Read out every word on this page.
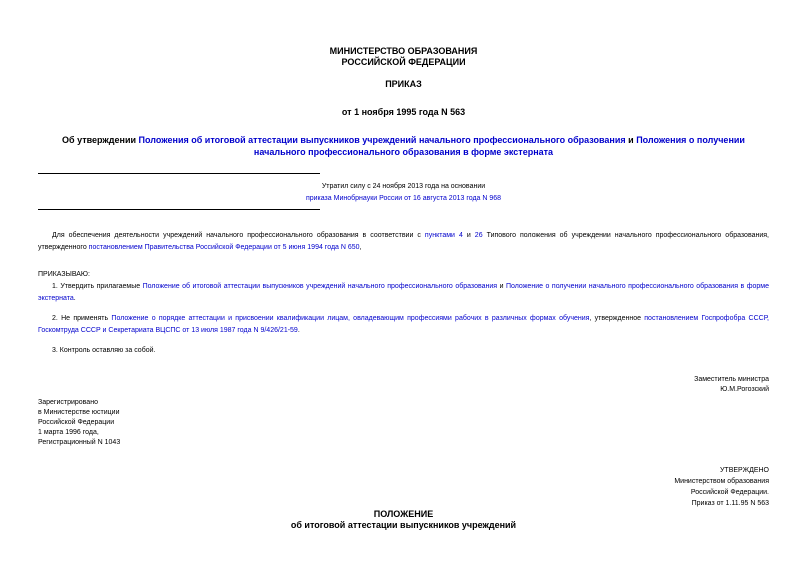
МИНИСТЕРСТВО ОБРАЗОВАНИЯ
РОССИЙСКОЙ ФЕДЕРАЦИИ
ПРИКАЗ
от 1 ноября 1995 года N 563
Об утверждении Положения об итоговой аттестации выпускников учреждений начального профессионального образования и Положения о получении начального профессионального образования в форме экстерната
Утратил силу с 24 ноября 2013 года на основании
приказа Минобрнауки России от 16 августа 2013 года N 968
Для обеспечения деятельности учреждений начального профессионального образования в соответствии с пунктами 4 и 26 Типового положения об учреждении начального профессионального образования, утвержденного постановлением Правительства Российской Федерации от 5 июня 1994 года N 650,
ПРИКАЗЫВАЮ:
1. Утвердить прилагаемые Положение об итоговой аттестации выпускников учреждений начального профессионального образования и Положение о получении начального профессионального образования в форме экстерната.
2. Не применять Положение о порядке аттестации и присвоении квалификации лицам, овладевающим профессиями рабочих в различных формах обучения, утвержденное постановлением Госпрофобра СССР, Госкомтруда СССР и Секретариата ВЦСПС от 13 июля 1987 года N 9/426/21-59.
3. Контроль оставляю за собой.
Заместитель министра
Ю.М.Рогозский
Зарегистрировано
в Министерстве юстиции
Российской Федерации
1 марта 1996 года,
Регистрационный N 1043
УТВЕРЖДЕНО
Министерством образования
Российской Федерации.
Приказ от 1.11.95 N 563
ПОЛОЖЕНИЕ
об итоговой аттестации выпускников учреждений
